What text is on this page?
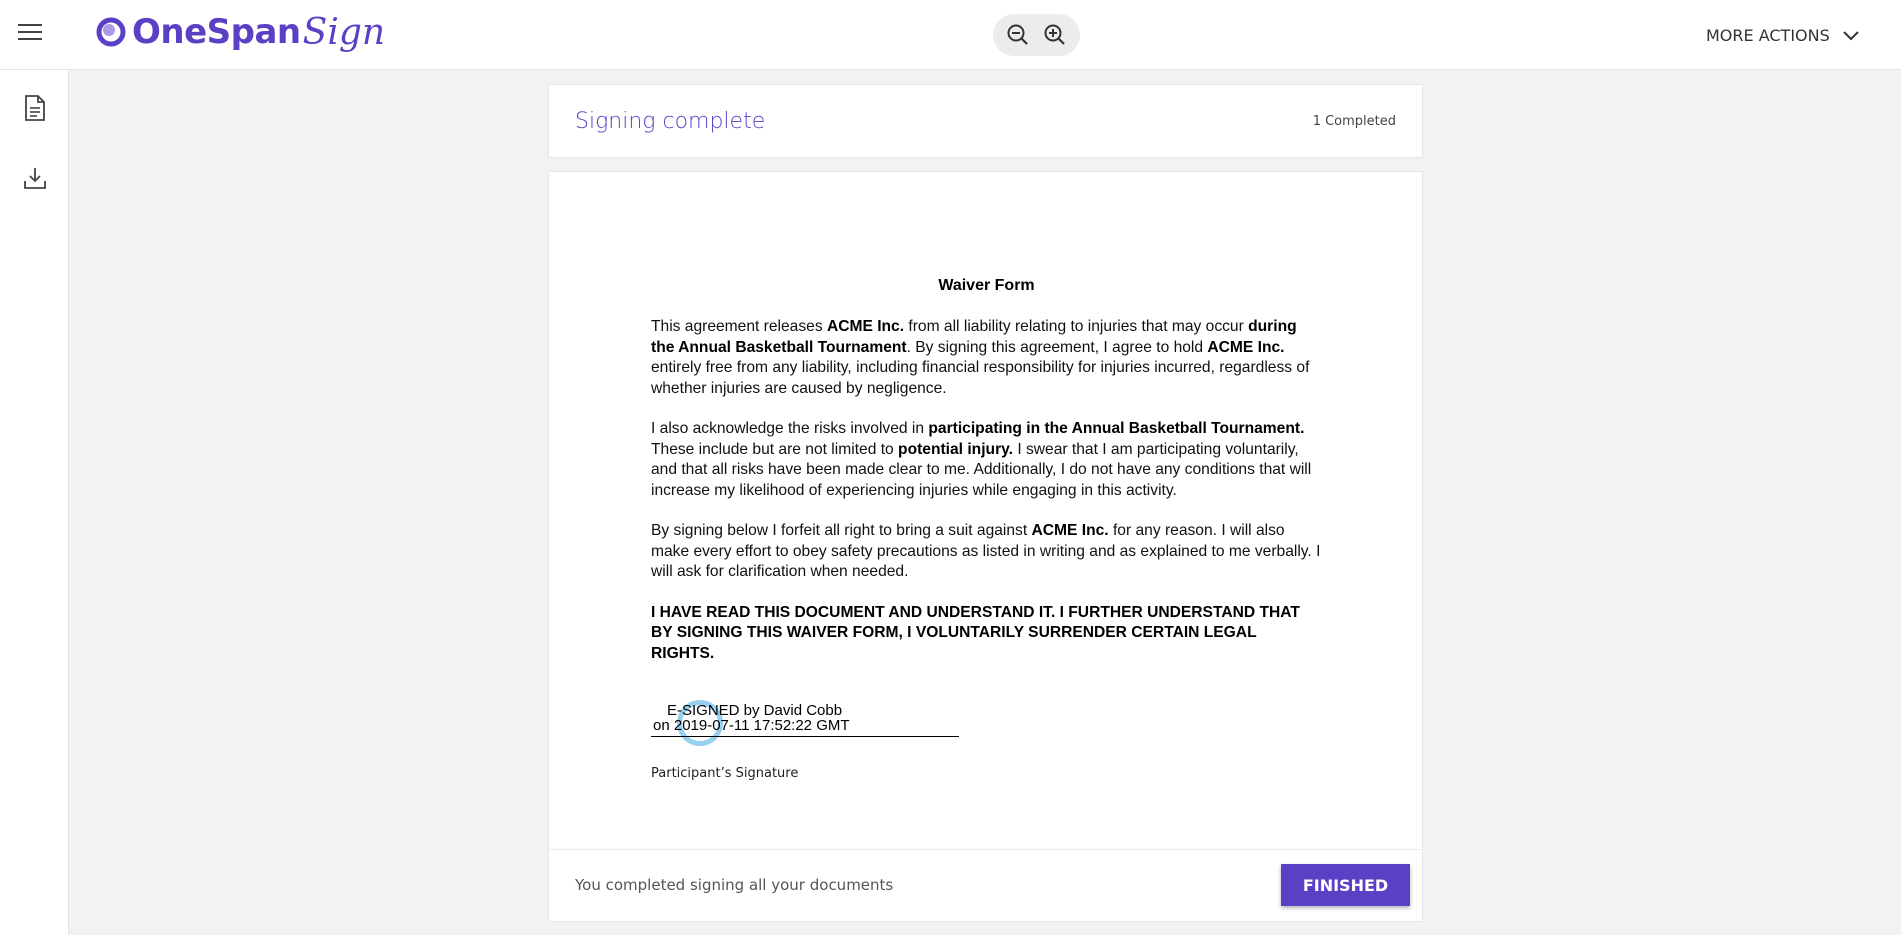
OneSpan Sign	MORE ACTIONS
Signing complete	1 Completed
Waiver Form

This agreement releases ACME Inc. from all liability relating to injuries that may occur during the Annual Basketball Tournament. By signing this agreement, I agree to hold ACME Inc. entirely free from any liability, including financial responsibility for injuries incurred, regardless of whether injuries are caused by negligence.

I also acknowledge the risks involved in participating in the Annual Basketball Tournament. These include but are not limited to potential injury. I swear that I am participating voluntarily, and that all risks have been made clear to me. Additionally, I do not have any conditions that will increase my likelihood of experiencing injuries while engaging in this activity.

By signing below I forfeit all right to bring a suit against ACME Inc. for any reason. I will also make every effort to obey safety precautions as listed in writing and as explained to me verbally. I will ask for clarification when needed.

I HAVE READ THIS DOCUMENT AND UNDERSTAND IT. I FURTHER UNDERSTAND THAT BY SIGNING THIS WAIVER FORM, I VOLUNTARILY SURRENDER CERTAIN LEGAL RIGHTS.

E-SIGNED by David Cobb
on 2019-07-11 17:52:22 GMT
Participant’s Signature
You completed signing all your documents	FINISHED
